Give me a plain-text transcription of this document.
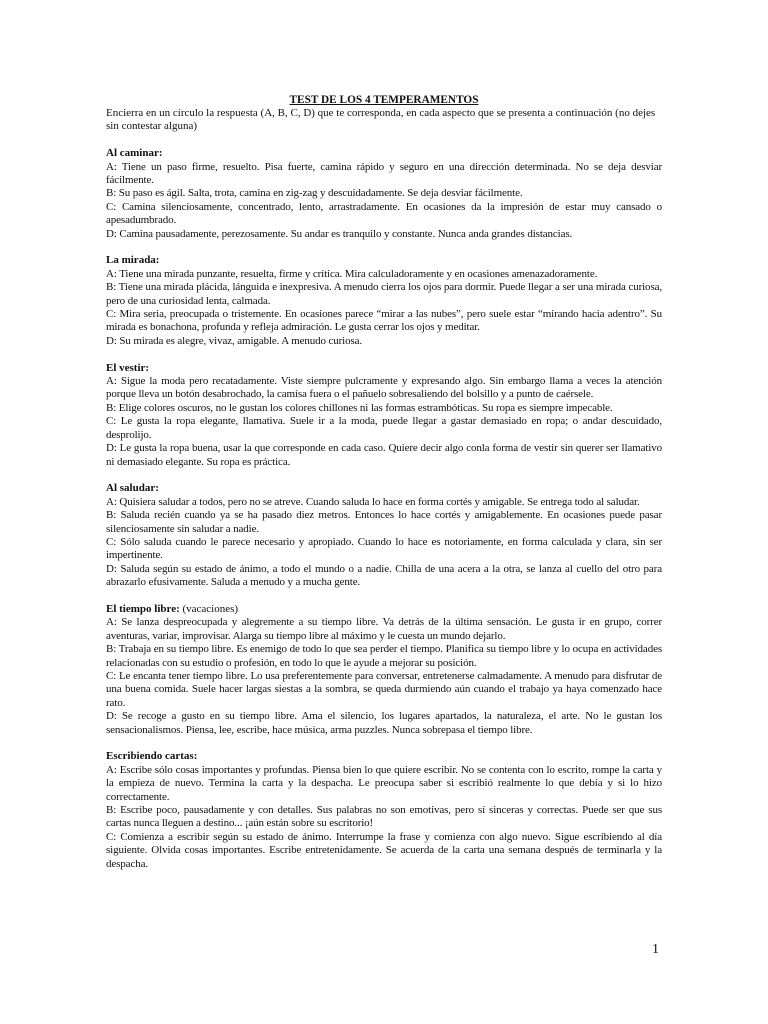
TEST DE LOS 4 TEMPERAMENTOS

Encierra en un círculo la respuesta (A, B, C, D) que te corresponda, en cada aspecto que se presenta a continuación (no dejes sin contestar alguna)

Al caminar:

A: Tiene un paso firme, resuelto. Pisa fuerte, camina rápido y seguro en una dirección determinada. No se deja desviar fácilmente.

B: Su paso es ágil. Salta, trota, camina en zig-zag y descuidadamente. Se deja desviar fácilmente.

C: Camina silenciosamente, concentrado, lento, arrastradamente. En ocasiones da la impresión de estar muy cansado o apesadumbrado.

D: Camina pausadamente, perezosamente. Su andar es tranquilo y constante. Nunca anda grandes distancias.

La mirada:

A: Tiene una mirada punzante, resuelta, firme y crítica. Mira calculadoramente y en ocasiones amenazadoramente.

B: Tiene una mirada plácida, lánguida e inexpresiva. A menudo cierra los ojos para dormir. Puede llegar a ser una mirada curiosa, pero de una curiosidad lenta, calmada.

C: Mira seria, preocupada o tristemente. En ocasiones parece “mirar a las nubes”, pero suele estar “mirando hacia adentro”. Su mirada es bonachona, profunda y refleja admiración. Le gusta cerrar los ojos y meditar.

D: Su mirada es alegre, vivaz, amigable. A menudo curiosa.

El vestir:

A: Sigue la moda pero recatadamente. Viste siempre pulcramente y expresando algo. Sin embargo llama a veces la atención porque lleva un botón desabrochado, la camisa fuera o el pañuelo sobresaliendo del bolsillo y a punto de caérsele.

B: Elige colores oscuros, no le gustan los colores chillones ni las formas estrambóticas. Su ropa es siempre impecable.

C: Le gusta la ropa elegante, llamativa. Suele ir a la moda, puede llegar a gastar demasiado en ropa; o andar descuidado, desprolijo.

D: Le gusta la ropa buena, usar la que corresponde en cada caso. Quiere decir algo conla forma de vestir sin querer ser llamativo ni demasiado elegante. Su ropa es práctica.

Al saludar:

A: Quisiera saludar a todos, pero no se atreve. Cuando saluda lo hace en forma cortés y amigable. Se entrega todo al saludar.

B: Saluda recién cuando ya se ha pasado diez metros. Entonces lo hace cortés y amigablemente. En ocasiones puede pasar silenciosamente sin saludar a nadie.

C: Sólo saluda cuando le parece necesario y apropiado. Cuando lo hace es notoriamente, en forma calculada y clara, sin ser impertinente.

D: Saluda según su estado de ánimo, a todo el mundo o a nadie. Chilla de una acera a la otra, se lanza al cuello del otro para abrazarlo efusivamente. Saluda a menudo y a mucha gente.

El tiempo libre: (vacaciones)

A: Se lanza despreocupada y alegremente a su tiempo libre. Va detrás de la última sensación. Le gusta ir en grupo, correr aventuras, variar, improvisar. Alarga su tiempo libre al máximo y le cuesta un mundo dejarlo.

B: Trabaja en su tiempo libre. Es enemigo de todo lo que sea perder el tiempo. Planifica su tiempo libre y lo ocupa en actividades relacionadas con su estudio o profesión, en todo lo que le ayude a mejorar su posición.

C: Le encanta tener tiempo libre. Lo usa preferentemente para conversar, entretenerse calmadamente. A menudo para disfrutar de una buena comida. Suele hacer largas siestas a la sombra, se queda durmiendo aún cuando el trabajo ya haya comenzado hace rato.

D: Se recoge a gusto en su tiempo libre. Ama el silencio, los lugares apartados, la naturaleza, el arte. No le gustan los sensacionalismos. Piensa, lee, escribe, hace música, arma puzzles. Nunca sobrepasa el tiempo libre.

Escribiendo cartas:

A: Escribe sólo cosas importantes y profundas. Piensa bien lo que quiere escribir. No se contenta con lo escrito, rompe la carta y la empieza de nuevo. Termina la carta y la despacha. Le preocupa saber si escribió realmente lo que debía y si lo hizo correctamente.

B: Escribe poco, pausadamente y con detalles. Sus palabras no son emotivas, pero sí sinceras y correctas. Puede ser que sus cartas nunca lleguen a destino... ¡aún están sobre su escritorio!

C: Comienza a escribir según su estado de ánimo. Interrumpe la frase y comienza con algo nuevo. Sigue escribiendo al día siguiente. Olvida cosas importantes. Escribe entretenidamente. Se acuerda de la carta una semana después de terminarla y la despacha.

1
